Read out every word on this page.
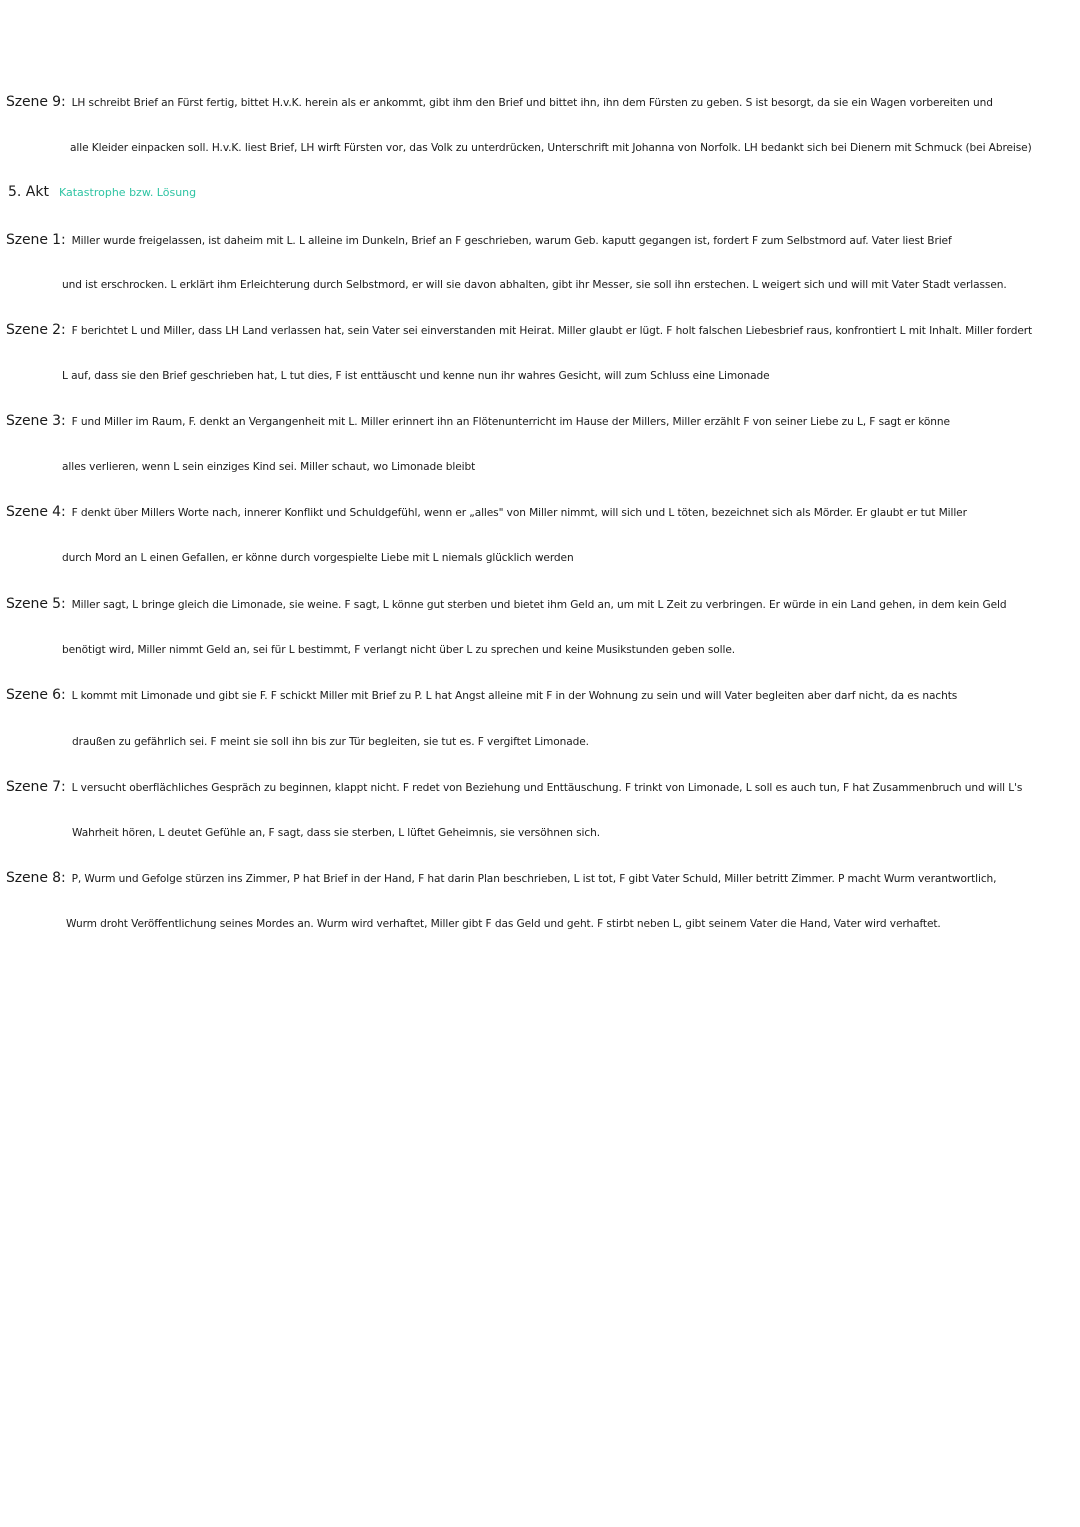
Szene 9: LH schreibt Brief an Fürst fertig, bittet H.v.K. herein als er ankommt, gibt ihm den Brief und bittet ihn, ihn dem Fürsten zu geben. S ist besorgt, da sie ein Wagen vorbereiten und
alle Kleider einpacken soll. H.v.K. liest Brief, LH wirft Fürsten vor, das Volk zu unterdrücken, Unterschrift mit Johanna von Norfolk. LH bedankt sich bei Dienern mit Schmuck (bei Abreise)
5. Akt Katastrophe bzw. Lösung
Szene 1: Miller wurde freigelassen, ist daheim mit L. L alleine im Dunkeln, Brief an F geschrieben, warum Geb. kaputt gegangen ist, fordert F zum Selbstmord auf. Vater liest Brief
und ist erschrocken. L erklärt ihm Erleichterung durch Selbstmord, er will sie davon abhalten, gibt ihr Messer, sie soll ihn erstechen. L weigert sich und will mit Vater Stadt verlassen.
Szene 2: F berichtet L und Miller, dass LH Land verlassen hat, sein Vater sei einverstanden mit Heirat. Miller glaubt er lügt. F holt falschen Liebesbrief raus, konfrontiert L mit Inhalt. Miller fordert
L auf, dass sie den Brief geschrieben hat, L tut dies, F ist enttäuscht und kenne nun ihr wahres Gesicht, will zum Schluss eine Limonade
Szene 3: F und Miller im Raum, F. denkt an Vergangenheit mit L. Miller erinnert ihn an Flötenunterricht im Hause der Millers, Miller erzählt F von seiner Liebe zu L, F sagt er könne
alles verlieren, wenn L sein einziges Kind sei. Miller schaut, wo Limonade bleibt
Szene 4: F denkt über Millers Worte nach, innerer Konflikt und Schuldgefühl, wenn er „alles" von Miller nimmt, will sich und L töten, bezeichnet sich als Mörder. Er glaubt er tut Miller
durch Mord an L einen Gefallen, er könne durch vorgespielte Liebe mit L niemals glücklich werden
Szene 5: Miller sagt, L bringe gleich die Limonade, sie weine. F sagt, L könne gut sterben und bietet ihm Geld an, um mit L Zeit zu verbringen. Er würde in ein Land gehen, in dem kein Geld
benötigt wird, Miller nimmt Geld an, sei für L bestimmt, F verlangt nicht über L zu sprechen und keine Musikstunden geben solle.
Szene 6: L kommt mit Limonade und gibt sie F. F schickt Miller mit Brief zu P. L hat Angst alleine mit F in der Wohnung zu sein und will Vater begleiten aber darf nicht, da es nachts
draußen zu gefährlich sei. F meint sie soll ihn bis zur Tür begleiten, sie tut es. F vergiftet Limonade.
Szene 7: L versucht oberflächliches Gespräch zu beginnen, klappt nicht. F redet von Beziehung und Enttäuschung. F trinkt von Limonade, L soll es auch tun, F hat Zusammenbruch und will L's
Wahrheit hören, L deutet Gefühle an, F sagt, dass sie sterben, L lüftet Geheimnis, sie versöhnen sich.
Szene 8: P, Wurm und Gefolge stürzen ins Zimmer, P hat Brief in der Hand, F hat darin Plan beschrieben, L ist tot, F gibt Vater Schuld, Miller betritt Zimmer. P macht Wurm verantwortlich,
Wurm droht Veröffentlichung seines Mordes an. Wurm wird verhaftet, Miller gibt F das Geld und geht. F stirbt neben L, gibt seinem Vater die Hand, Vater wird verhaftet.
